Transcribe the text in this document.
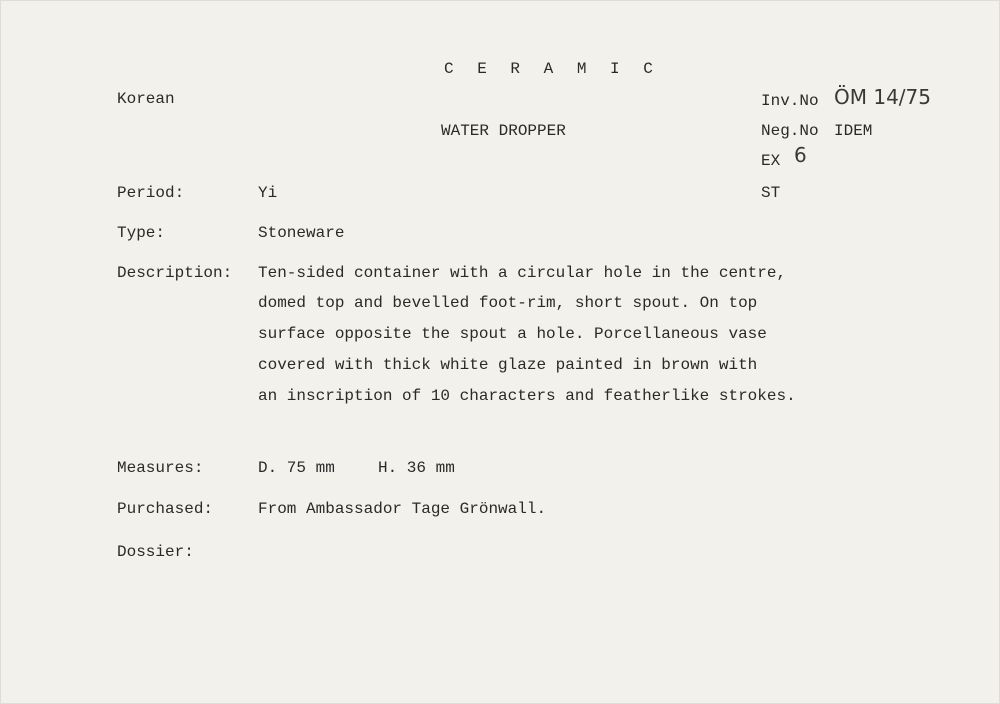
C E R A M I C
Korean	Inv.No ÖM 14/75
WATER DROPPER	Neg.No IDEM
EX 6
ST
Period:	Yi
Type:	Stoneware
Description: Ten-sided container with a circular hole in the centre,
domed top and bevelled foot-rim, short spout. On top
surface opposite the spout a hole. Porcellaneous vase
covered with thick white glaze painted in brown with
an inscription of 10 characters and featherlike strokes.
Measures:	D. 75 mm	H. 36 mm
Purchased:	From Ambassador Tage Grönwall.
Dossier:
